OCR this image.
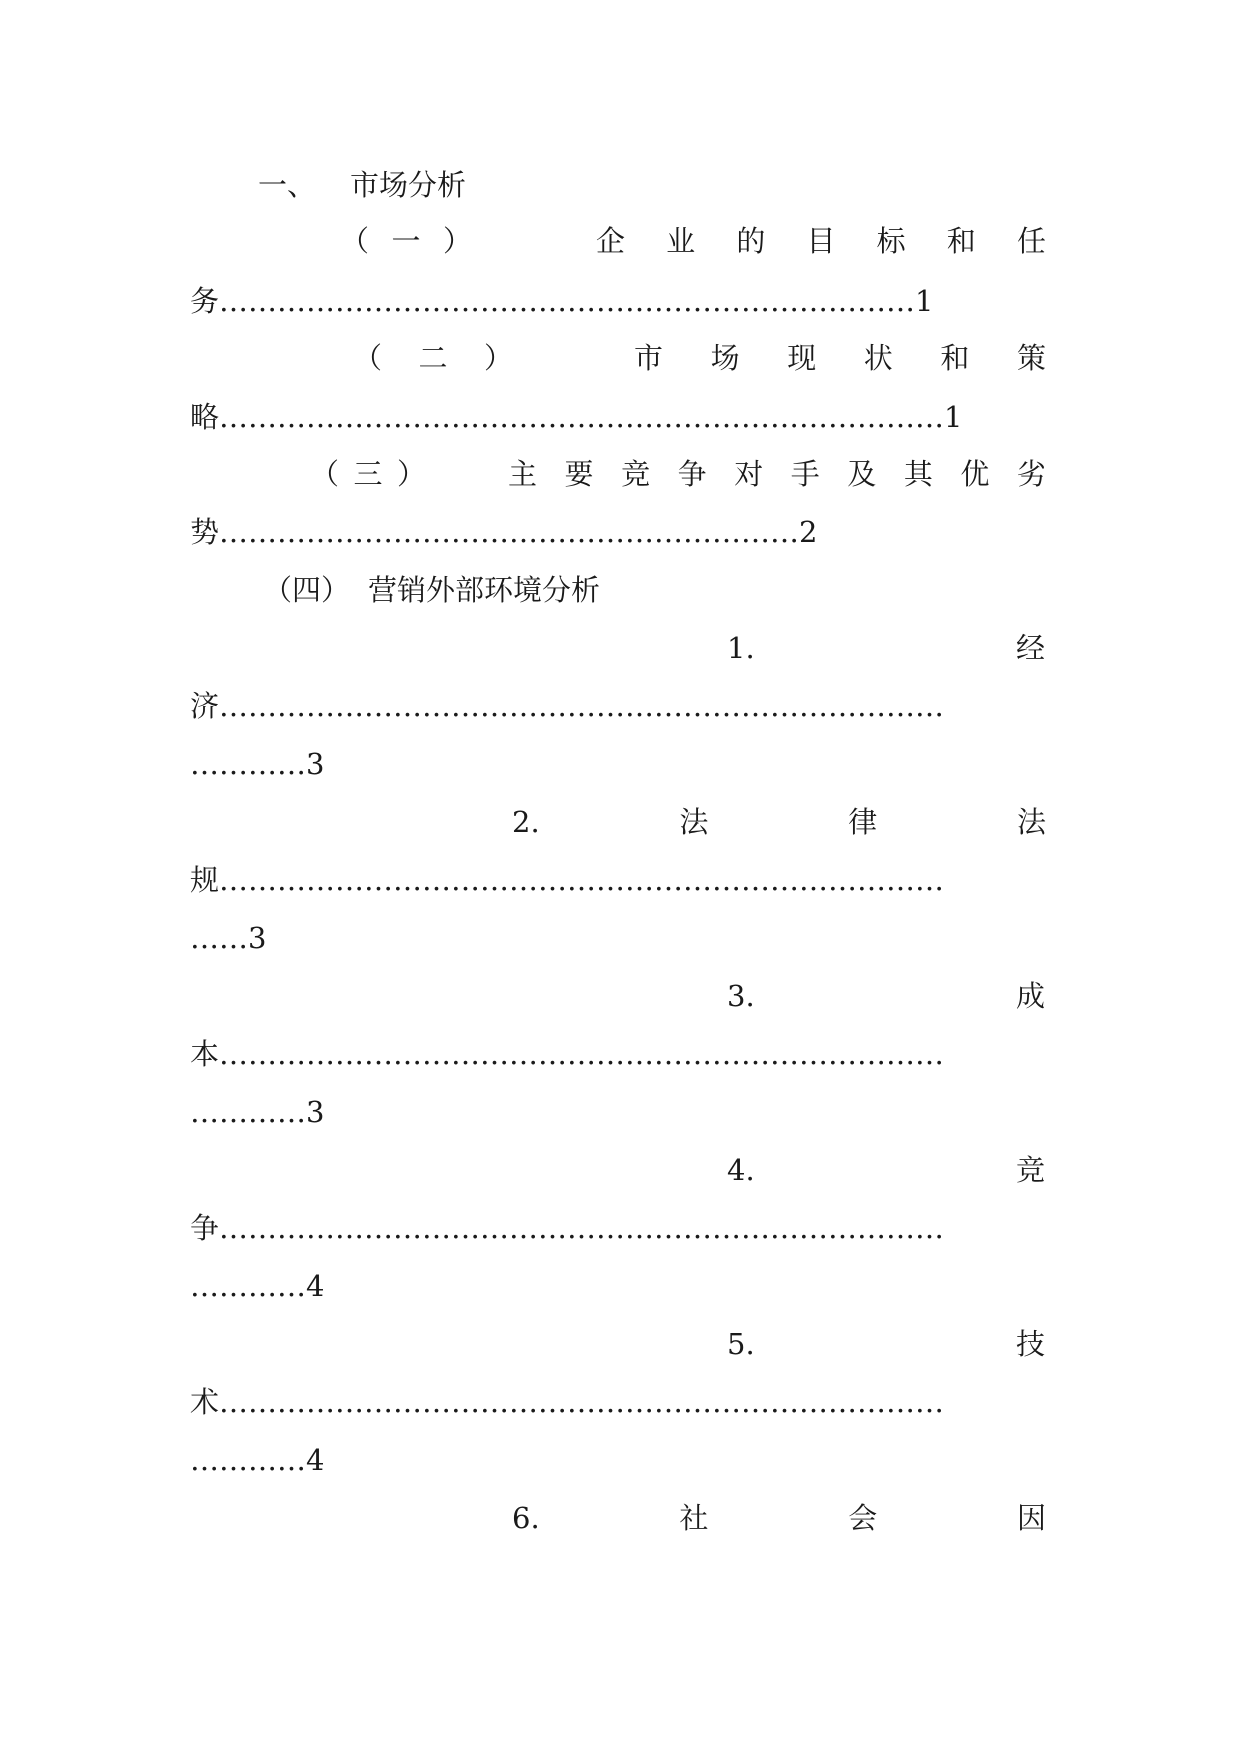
一、 市场分析
（ 一 ）	企 业 的 目 标 和 任
务………………………………………………………………1
（ 二 ）	市 场 现 状 和 策
略…………………………………………………………………1
（ 三 ）	主 要 竞 争 对 手 及 其 优 劣
势……………………………………………………2
（四） 营销外部环境分析
1.	经
济…………………………………………………………………
…………3
2.	法	律	法
规…………………………………………………………………
……3
3.	成
本…………………………………………………………………
…………3
4.	竞
争…………………………………………………………………
…………4
5.	技
术…………………………………………………………………
…………4
6.	社	会	因
